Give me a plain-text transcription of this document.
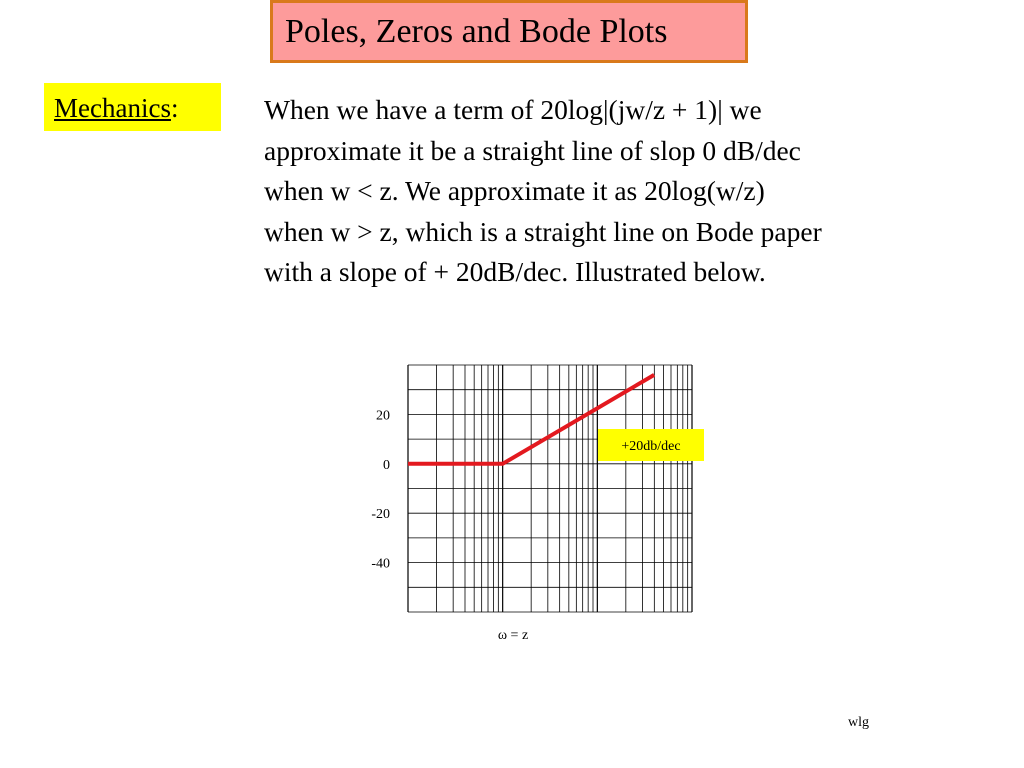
Poles, Zeros and Bode Plots
Mechanics:	When we have a term of 20log|(jw/z + 1)| we
approximate it be a straight line of slop 0 dB/dec
when w < z. We approximate it as 20log(w/z)
when w > z, which is a straight line on Bode paper
with a slope of + 20dB/dec. Illustrated below.
20
0
-20
-40
+20db/dec
ω = z
wlg
